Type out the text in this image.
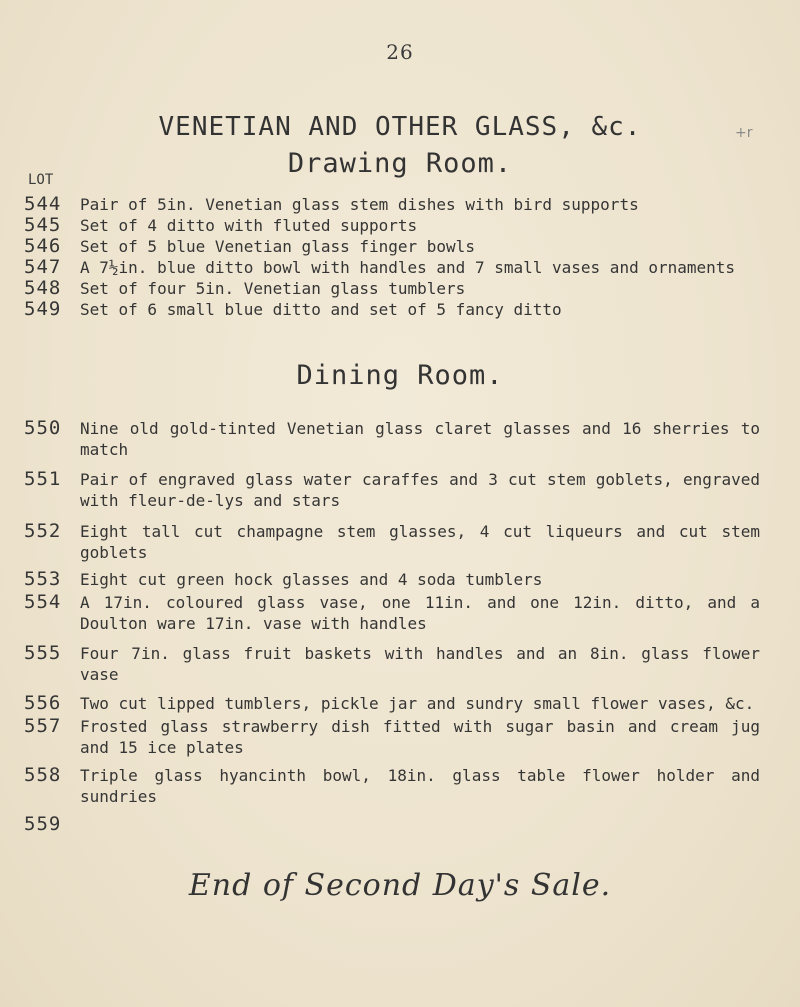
26
VENETIAN AND OTHER GLASS, &c.	+r
Drawing Room.
LOT
544	Pair of 5in. Venetian glass stem dishes with bird supports
545	Set of 4 ditto with fluted supports
546	Set of 5 blue Venetian glass finger bowls
547	A 7½in. blue ditto bowl with handles and 7 small vases and ornaments
548	Set of four 5in. Venetian glass tumblers
549	Set of 6 small blue ditto and set of 5 fancy ditto
Dining Room.
550	Nine old gold-tinted Venetian glass claret glasses and 16 sherries to match
551	Pair of engraved glass water caraffes and 3 cut stem goblets, engraved with fleur-de-lys and stars
552	Eight tall cut champagne stem glasses, 4 cut liqueurs and cut stem goblets
553	Eight cut green hock glasses and 4 soda tumblers
554	A 17in. coloured glass vase, one 11in. and one 12in. ditto, and a Doulton ware 17in. vase with handles
555	Four 7in. glass fruit baskets with handles and an 8in. glass flower vase
556	Two cut lipped tumblers, pickle jar and sundry small flower vases, &c.
557	Frosted glass strawberry dish fitted with sugar basin and cream jug and 15 ice plates
558	Triple glass hyancinth bowl, 18in. glass table flower holder and sundries
559
End of Second Day's Sale.
